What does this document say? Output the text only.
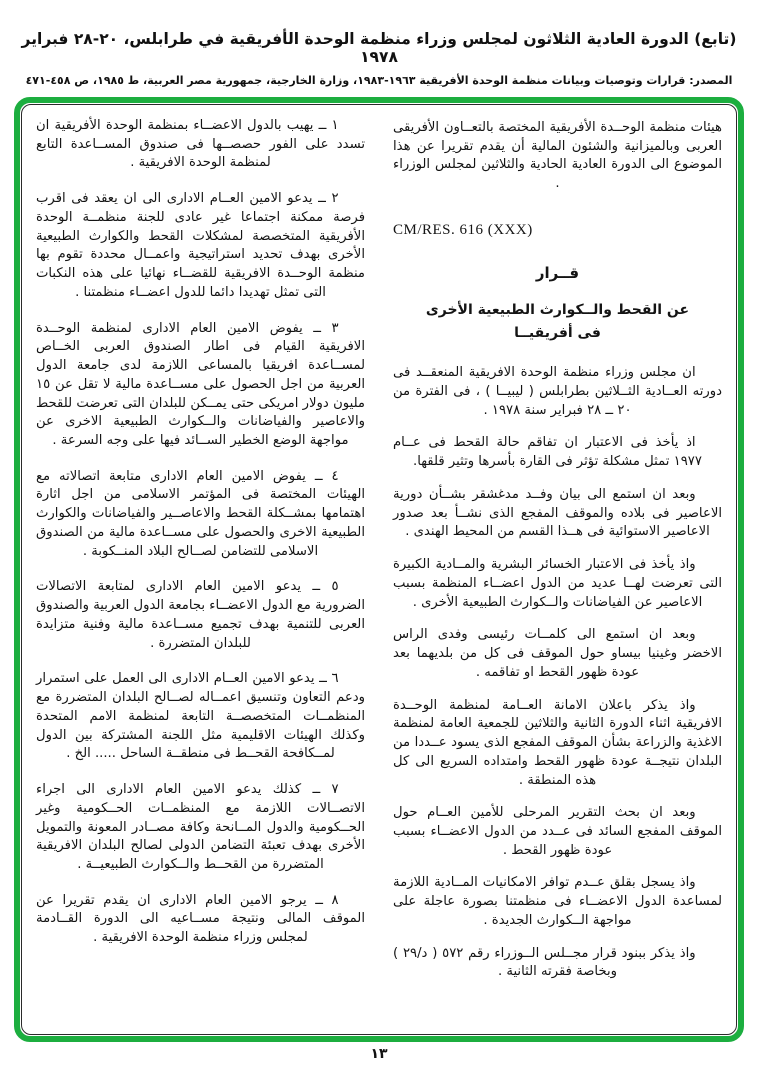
(تابع) الدورة العادية الثلاثون لمجلس وزراء منظمة الوحدة الأفريقية في طرابلس، ٢٠-٢٨ فبراير ١٩٧٨

المصدر: قرارات وتوصيات وبيانات منظمة الوحدة الأفريقية ١٩٦٣-١٩٨٣، وزارة الخارجية، جمهورية مصر العربية، ط ١٩٨٥، ص ٤٥٨-٤٧١

هيئات منظمة الوحــدة الأفريقية المختصة بالتعــاون الأفريقى العربى وبالميزانية والشئون المالية أن يقدم تقريرا عن هذا الموضوع الى الدورة العادية الحادية والثلاثين لمجلس الوزراء .

CM/RES. 616 (XXX)

قــرار

عن القحط والــكوارث الطبيعية الأخرى

فى أفريقيــا

ان مجلس وزراء منظمة الوحدة الافريقية المنعقــد فى دورته العــادية الثــلاثين بطرابلس ( ليبيــا ) ، فى الفترة من ٢٠ ــ ٢٨ فبراير سنة ١٩٧٨ .

اذ يأخذ فى الاعتبار ان تفاقم حالة القحط فى عــام ١٩٧٧ تمثل مشكلة تؤثر فى القارة بأسرها وتثير قلقها.

وبعد ان استمع الى بيان وفــد مدغشقر بشــأن دورية الاعاصير فى بلاده والموقف المفجع الذى نشــأ بعد صدور الاعاصير الاستوائية فى هــذا القسم من المحيط الهندى .

واذ يأخذ فى الاعتبار الخسائر البشرية والمــادية الكبيرة التى تعرضت لهــا عديد من الدول اعضــاء المنظمة بسبب الاعاصير عن الفياضانات والــكوارث الطبيعية الأخرى .

وبعد ان استمع الى كلمــات رئيسى وفدى الراس الاخضر وغينيا بيساو حول الموقف فى كل من بلديهما بعد عودة ظهور القحط او تفاقمه .

واذ يذكر باعلان الامانة العــامة لمنظمة الوحــدة الافريقية اثناء الدورة الثانية والثلاثين للجمعية العامة لمنظمة الاغذية والزراعة بشأن الموقف المفجع الذى يسود عــددا من البلدان نتيجــة عودة ظهور القحط وامتداده السريع الى كل هذه المنطقة .

وبعد ان بحث التقرير المرحلى للأمين العــام حول الموقف المفجع السائد فى عــدد من الدول الاعضــاء بسبب عودة ظهور القحط .

واذ يسجل بقلق عــدم توافر الامكانيات المــادية اللازمة لمساعدة الدول الاعضــاء فى منظمتنا بصورة عاجلة على مواجهة الــكوارث الجديدة .

واذ يذكر ببنود قرار مجــلس الــوزراء رقم ٥٧٢ ( د/٢٩ ) وبخاصة فقرته الثانية .

١ ــ يهيب بالدول الاعضــاء بمنظمة الوحدة الأفريقية ان تسدد على الفور حصصــها فى صندوق المســاعدة التابع لمنظمة الوحدة الافريقية .

٢ ــ يدعو الامين العــام الادارى الى ان يعقد فى اقرب فرصة ممكنة اجتماعا غير عادى للجنة منظمــة الوحدة الأفريقية المتخصصة لمشكلات القحط والكوارث الطبيعية الأخرى بهدف تحديد استراتيجية واعمــال محددة تقوم بها منظمة الوحــدة الافريقية للقضــاء نهائيا على هذه النكبات التى تمثل تهديدا دائما للدول اعضــاء منظمتنا .

٣ ــ يفوض الامين العام الادارى لمنظمة الوحــدة الافريقية القيام فى اطار الصندوق العربى الخــاص لمســاعدة افريقيا بالمساعى اللازمة لدى جامعة الدول العربية من اجل الحصول على مســاعدة مالية لا تقل عن ١٥ مليون دولار امريكى حتى يمــكن للبلدان التى تعرضت للقحط والاعاصير والفياضانات والــكوارث الطبيعية الاخرى عن مواجهة الوضع الخطير الســائد فيها على وجه السرعة .

٤ ــ يفوض الامين العام الادارى متابعة اتصالاته مع الهيئات المختصة فى المؤتمر الاسلامى من اجل اثارة اهتمامها بمشــكلة القحط والاعاصــير والفياضانات والكوارث الطبيعية الاخرى والحصول على مســاعدة مالية من الصندوق الاسلامى للتضامن لصــالح البلاد المنــكوبة .

٥ ــ يدعو الامين العام الادارى لمتابعة الاتصالات الضرورية مع الدول الاعضــاء بجامعة الدول العربية والصندوق العربى للتنمية بهدف تجميع مســاعدة مالية وفنية متزايدة للبلدان المتضررة .

٦ ــ يدعو الامين العــام الادارى الى العمل على استمرار ودعم التعاون وتنسيق اعمــاله لصــالح البلدان المتضررة مع المنظمــات المتخصصــة التابعة لمنظمة الامم المتحدة وكذلك الهيئات الاقليمية مثل اللجنة المشتركة بين الدول لمــكافحة القحــط فى منطقــة الساحل ..... الخ .

٧ ــ كذلك يدعو الامين العام الادارى الى اجراء الاتصــالات اللازمة مع المنظمــات الحــكومية وغير الحــكومية والدول المــانحة وكافة مصــادر المعونة والتمويل الأخرى بهدف تعبئة التضامن الدولى لصالح البلدان الافريقية المتضررة من القحــط والــكوارث الطبيعيــة .

٨ ــ يرجو الامين العام الادارى ان يقدم تقريرا عن الموقف المالى ونتيجة مســاعيه الى الدورة القــادمة لمجلس وزراء منظمة الوحدة الافريقية .

١٣
